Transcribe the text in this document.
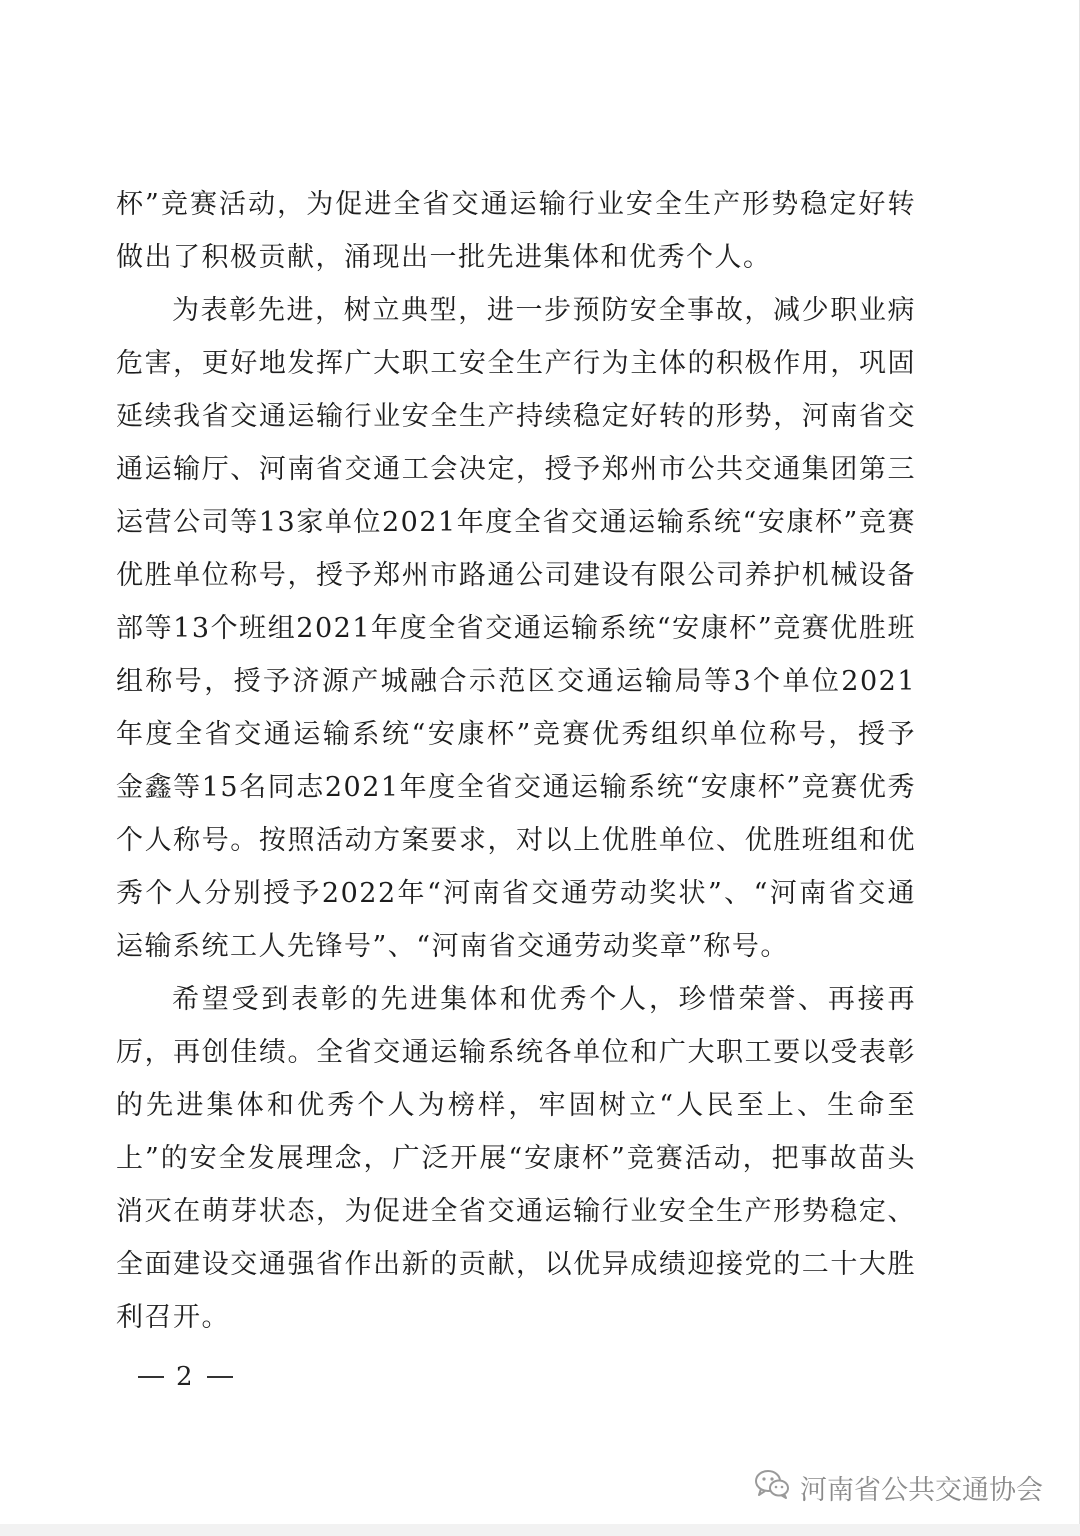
杯”竞赛活动，为促进全省交通运输行业安全生产形势稳定好转做出了积极贡献，涌现出一批先进集体和优秀个人。

为表彰先进，树立典型，进一步预防安全事故，减少职业病危害，更好地发挥广大职工安全生产行为主体的积极作用，巩固延续我省交通运输行业安全生产持续稳定好转的形势，河南省交通运输厅、河南省交通工会决定，授予郑州市公共交通集团第三运营公司等13家单位2021年度全省交通运输系统“安康杯”竞赛优胜单位称号，授予郑州市路通公司建设有限公司养护机械设备部等13个班组2021年度全省交通运输系统“安康杯”竞赛优胜班组称号，授予济源产城融合示范区交通运输局等3个单位2021年度全省交通运输系统“安康杯”竞赛优秀组织单位称号，授予金鑫等15名同志2021年度全省交通运输系统“安康杯”竞赛优秀个人称号。按照活动方案要求，对以上优胜单位、优胜班组和优秀个人分别授予2022年“河南省交通劳动奖状”、“河南省交通运输系统工人先锋号”、“河南省交通劳动奖章”称号。

希望受到表彰的先进集体和优秀个人，珍惜荣誉、再接再厉，再创佳绩。全省交通运输系统各单位和广大职工要以受表彰的先进集体和优秀个人为榜样，牢固树立“人民至上、生命至上”的安全发展理念，广泛开展“安康杯”竞赛活动，把事故苗头消灭在萌芽状态，为促进全省交通运输行业安全生产形势稳定、全面建设交通强省作出新的贡献，以优异成绩迎接党的二十大胜利召开。

2
河南省公共交通协会
